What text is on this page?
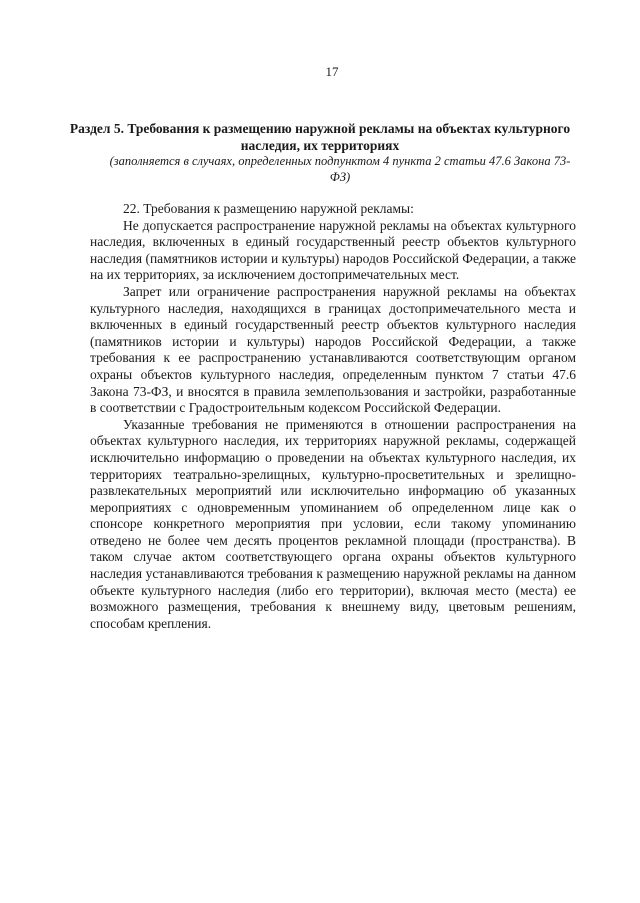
17

Раздел 5. Требования к размещению наружной рекламы на объектах культурного наследия, их территориях

(заполняется в случаях, определенных подпунктом 4 пункта 2 статьи 47.6 Закона 73-ФЗ)

22. Требования к размещению наружной рекламы:

Не допускается распространение наружной рекламы на объектах культурного наследия, включенных в единый государственный реестр объектов культурного наследия (памятников истории и культуры) народов Российской Федерации, а также на их территориях, за исключением достопримечательных мест.

Запрет или ограничение распространения наружной рекламы на объектах культурного наследия, находящихся в границах достопримечательного места и включенных в единый государственный реестр объектов культурного наследия (памятников истории и культуры) народов Российской Федерации, а также требования к ее распространению устанавливаются соответствующим органом охраны объектов культурного наследия, определенным пунктом 7 статьи 47.6 Закона 73-ФЗ, и вносятся в правила землепользования и застройки, разработанные в соответствии с Градостроительным кодексом Российской Федерации.

Указанные требования не применяются в отношении распространения на объектах культурного наследия, их территориях наружной рекламы, содержащей исключительно информацию о проведении на объектах культурного наследия, их территориях театрально-зрелищных, культурно-просветительных и зрелищно-развлекательных мероприятий или исключительно информацию об указанных мероприятиях с одновременным упоминанием об определенном лице как о спонсоре конкретного мероприятия при условии, если такому упоминанию отведено не более чем десять процентов рекламной площади (пространства). В таком случае актом соответствующего органа охраны объектов культурного наследия устанавливаются требования к размещению наружной рекламы на данном объекте культурного наследия (либо его территории), включая место (места) ее возможного размещения, требования к внешнему виду, цветовым решениям, способам крепления.
